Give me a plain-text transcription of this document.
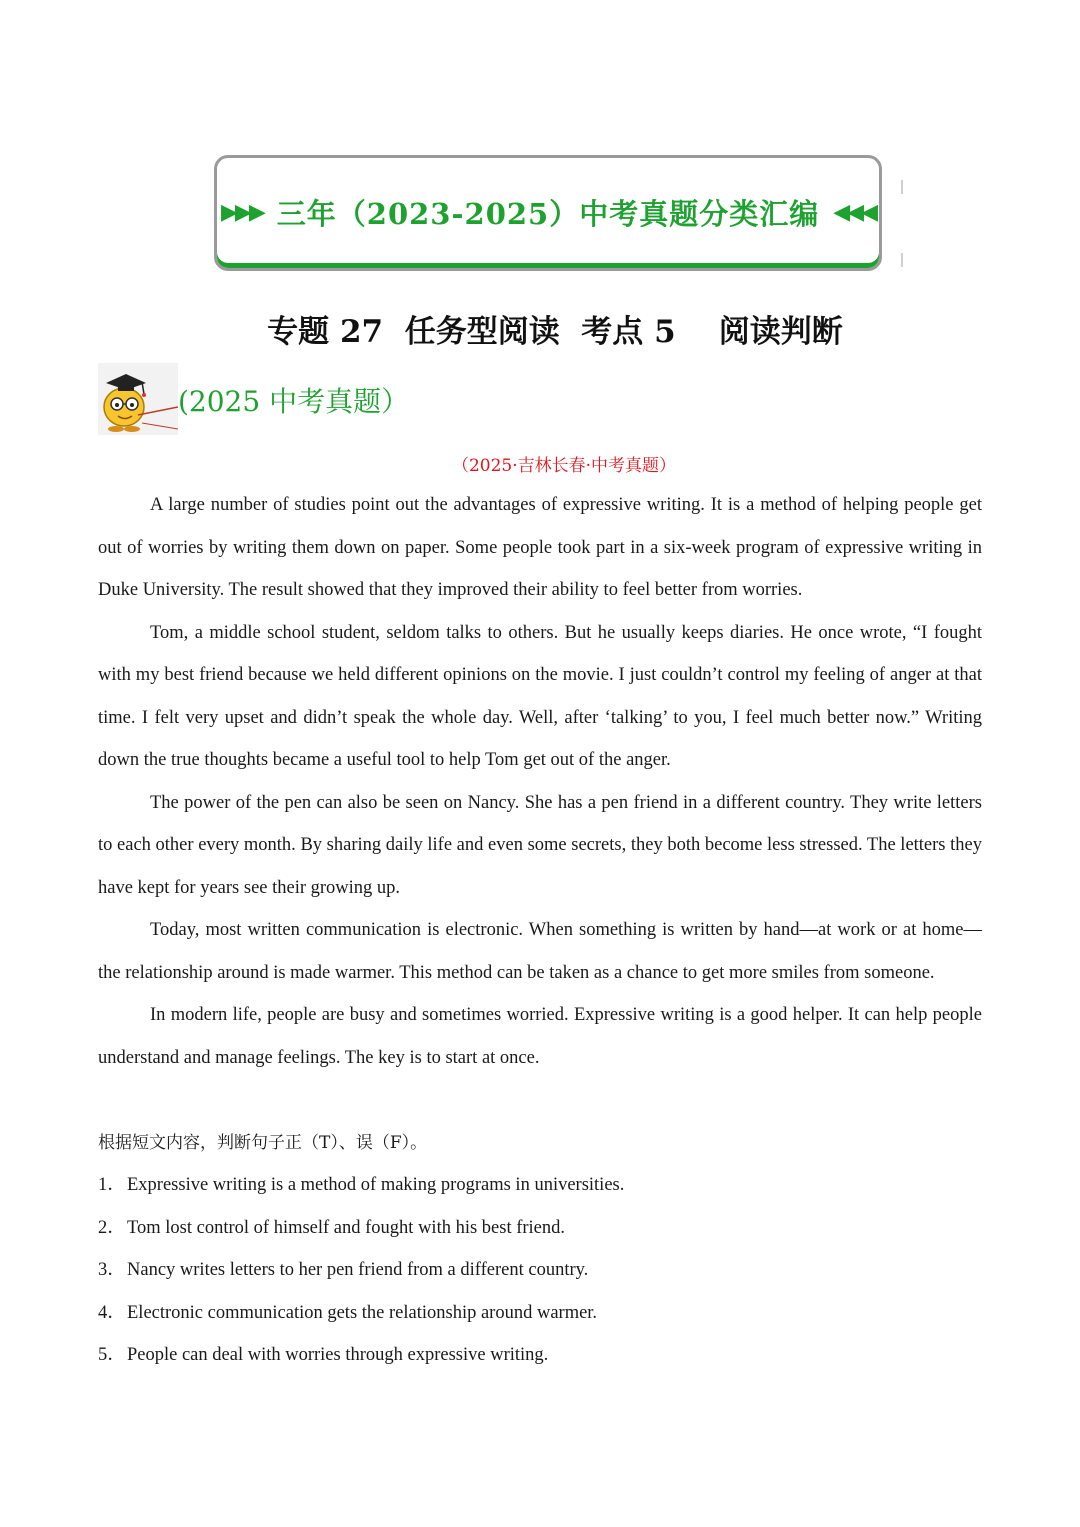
▶▶▶ 三年（2023-2025）中考真题分类汇编 ◀◀◀
专题 27  任务型阅读  考点 5    阅读判断
(2025 中考真题）
（2025·吉林长春·中考真题）

A large number of studies point out the advantages of expressive writing. It is a method of helping people get out of worries by writing them down on paper. Some people took part in a six-week program of expressive writing in Duke University. The result showed that they improved their ability to feel better from worries.

Tom, a middle school student, seldom talks to others. But he usually keeps diaries. He once wrote, “I fought with my best friend because we held different opinions on the movie. I just couldn’t control my feeling of anger at that time. I felt very upset and didn’t speak the whole day. Well, after ‘talking’ to you, I feel much better now.” Writing down the true thoughts became a useful tool to help Tom get out of the anger.

The power of the pen can also be seen on Nancy. She has a pen friend in a different country. They write letters to each other every month. By sharing daily life and even some secrets, they both become less stressed. The letters they have kept for years see their growing up.

Today, most written communication is electronic. When something is written by hand—at work or at home—the relationship around is made warmer. This method can be taken as a chance to get more smiles from someone.

In modern life, people are busy and sometimes worried. Expressive writing is a good helper. It can help people understand and manage feelings. The key is to start at once.

根据短文内容，判断句子正（T）、误（F）。
1． Expressive writing is a method of making programs in universities.
2． Tom lost control of himself and fought with his best friend.
3． Nancy writes letters to her pen friend from a different country.
4． Electronic communication gets the relationship around warmer.
5． People can deal with worries through expressive writing.
